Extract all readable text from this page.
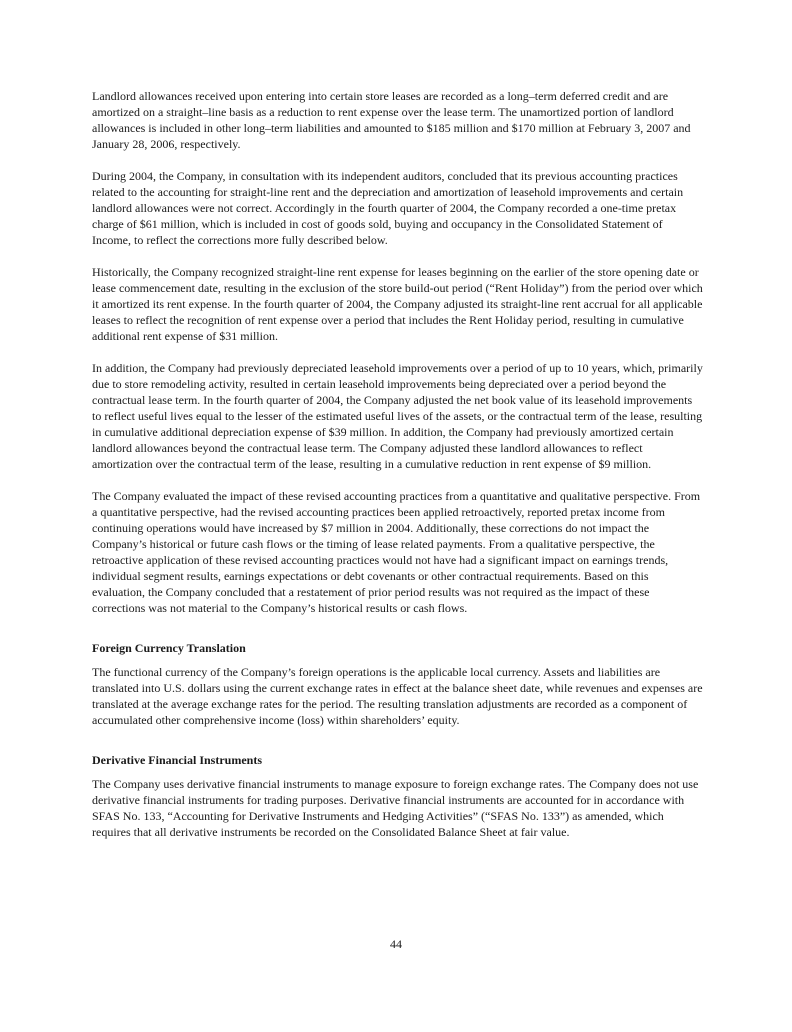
Landlord allowances received upon entering into certain store leases are recorded as a long–term deferred credit and are amortized on a straight–line basis as a reduction to rent expense over the lease term. The unamortized portion of landlord allowances is included in other long–term liabilities and amounted to $185 million and $170 million at February 3, 2007 and January 28, 2006, respectively.

During 2004, the Company, in consultation with its independent auditors, concluded that its previous accounting practices related to the accounting for straight-line rent and the depreciation and amortization of leasehold improvements and certain landlord allowances were not correct. Accordingly in the fourth quarter of 2004, the Company recorded a one-time pretax charge of $61 million, which is included in cost of goods sold, buying and occupancy in the Consolidated Statement of Income, to reflect the corrections more fully described below.

Historically, the Company recognized straight-line rent expense for leases beginning on the earlier of the store opening date or lease commencement date, resulting in the exclusion of the store build-out period (“Rent Holiday”) from the period over which it amortized its rent expense. In the fourth quarter of 2004, the Company adjusted its straight-line rent accrual for all applicable leases to reflect the recognition of rent expense over a period that includes the Rent Holiday period, resulting in cumulative additional rent expense of $31 million.

In addition, the Company had previously depreciated leasehold improvements over a period of up to 10 years, which, primarily due to store remodeling activity, resulted in certain leasehold improvements being depreciated over a period beyond the contractual lease term. In the fourth quarter of 2004, the Company adjusted the net book value of its leasehold improvements to reflect useful lives equal to the lesser of the estimated useful lives of the assets, or the contractual term of the lease, resulting in cumulative additional depreciation expense of $39 million. In addition, the Company had previously amortized certain landlord allowances beyond the contractual lease term. The Company adjusted these landlord allowances to reflect amortization over the contractual term of the lease, resulting in a cumulative reduction in rent expense of $9 million.

The Company evaluated the impact of these revised accounting practices from a quantitative and qualitative perspective. From a quantitative perspective, had the revised accounting practices been applied retroactively, reported pretax income from continuing operations would have increased by $7 million in 2004. Additionally, these corrections do not impact the Company’s historical or future cash flows or the timing of lease related payments. From a qualitative perspective, the retroactive application of these revised accounting practices would not have had a significant impact on earnings trends, individual segment results, earnings expectations or debt covenants or other contractual requirements. Based on this evaluation, the Company concluded that a restatement of prior period results was not required as the impact of these corrections was not material to the Company’s historical results or cash flows.

Foreign Currency Translation

The functional currency of the Company’s foreign operations is the applicable local currency. Assets and liabilities are translated into U.S. dollars using the current exchange rates in effect at the balance sheet date, while revenues and expenses are translated at the average exchange rates for the period. The resulting translation adjustments are recorded as a component of accumulated other comprehensive income (loss) within shareholders’ equity.

Derivative Financial Instruments

The Company uses derivative financial instruments to manage exposure to foreign exchange rates. The Company does not use derivative financial instruments for trading purposes. Derivative financial instruments are accounted for in accordance with SFAS No. 133, “Accounting for Derivative Instruments and Hedging Activities” (“SFAS No. 133”) as amended, which requires that all derivative instruments be recorded on the Consolidated Balance Sheet at fair value.

44
